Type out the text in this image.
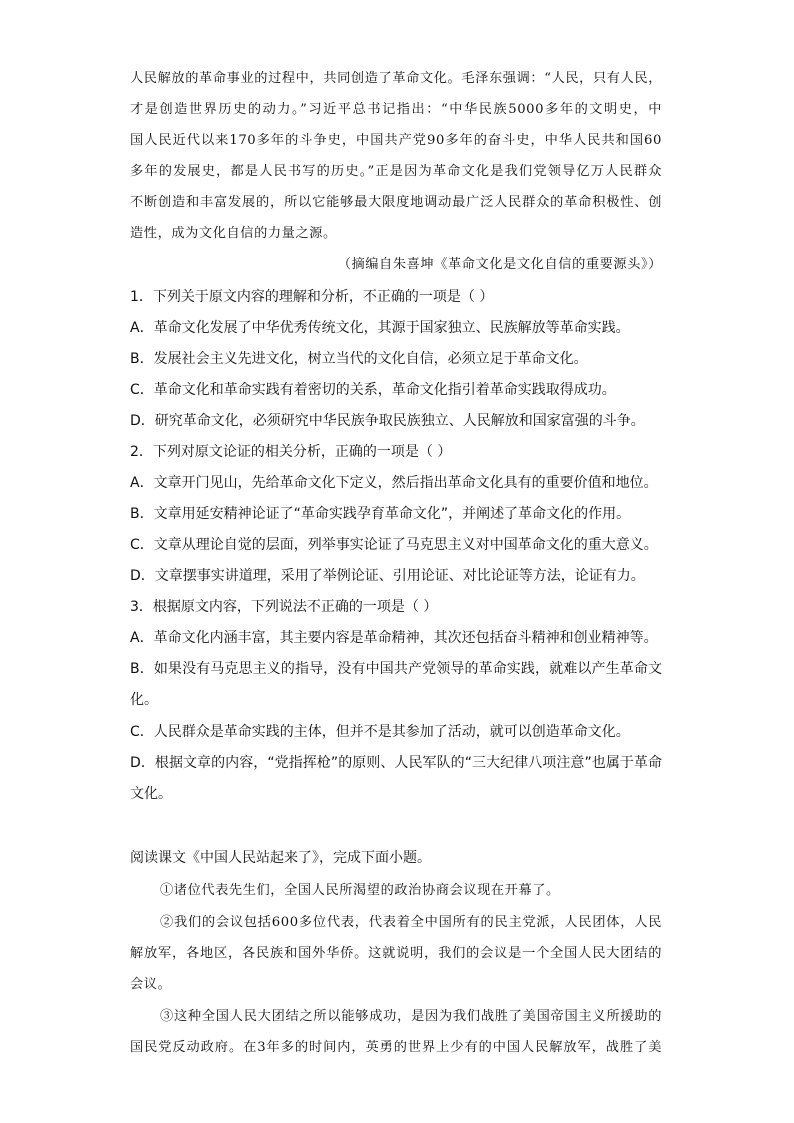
人民解放的革命事业的过程中，共同创造了革命文化。毛泽东强调：“人民，只有人民，
才是创造世界历史的动力。”习近平总书记指出：“中华民族5000多年的文明史，中
国人民近代以来170多年的斗争史，中国共产党90多年的奋斗史，中华人民共和国60
多年的发展史，都是人民书写的历史。”正是因为革命文化是我们党领导亿万人民群众
不断创造和丰富发展的，所以它能够最大限度地调动最广泛人民群众的革命积极性、创
造性，成为文化自信的力量之源。
（摘编自朱喜坤《革命文化是文化自信的重要源头》）
1．下列关于原文内容的理解和分析，不正确的一项是（ ）
A．革命文化发展了中华优秀传统文化，其源于国家独立、民族解放等革命实践。
B．发展社会主义先进文化，树立当代的文化自信，必须立足于革命文化。
C．革命文化和革命实践有着密切的关系，革命文化指引着革命实践取得成功。
D．研究革命文化，必须研究中华民族争取民族独立、人民解放和国家富强的斗争。
2．下列对原文论证的相关分析，正确的一项是（ ）
A．文章开门见山，先给革命文化下定义，然后指出革命文化具有的重要价值和地位。
B．文章用延安精神论证了“革命实践孕育革命文化”，并阐述了革命文化的作用。
C．文章从理论自觉的层面，列举事实论证了马克思主义对中国革命文化的重大意义。
D．文章摆事实讲道理，采用了举例论证、引用论证、对比论证等方法，论证有力。
3．根据原文内容，下列说法不正确的一项是（ ）
A．革命文化内涵丰富，其主要内容是革命精神，其次还包括奋斗精神和创业精神等。
B．如果没有马克思主义的指导，没有中国共产党领导的革命实践，就难以产生革命文
化。
C．人民群众是革命实践的主体，但并不是其参加了活动，就可以创造革命文化。
D．根据文章的内容，“党指挥枪”的原则、人民军队的“三大纪律八项注意”也属于革命
文化。
阅读课文《中国人民站起来了》，完成下面小题。
①诸位代表先生们，全国人民所渴望的政治协商会议现在开幕了。
②我们的会议包括600多位代表，代表着全中国所有的民主党派，人民团体，人民
解放军，各地区，各民族和国外华侨。这就说明，我们的会议是一个全国人民大团结的
会议。
③这种全国人民大团结之所以能够成功，是因为我们战胜了美国帝国主义所援助的
国民党反动政府。在3年多的时间内，英勇的世界上少有的中国人民解放军，战胜了美
